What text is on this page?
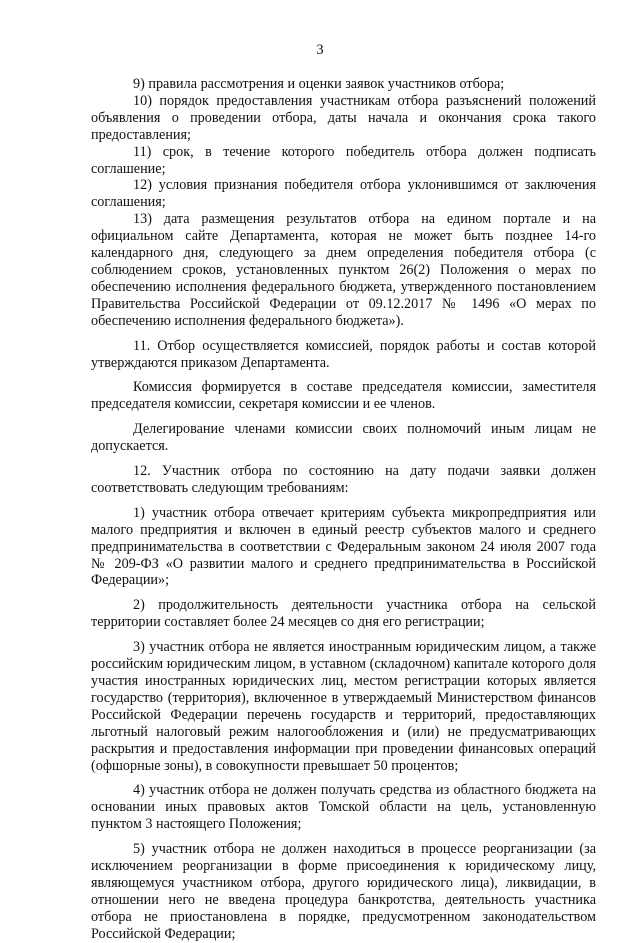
3

9) правила рассмотрения и оценки заявок участников отбора;

10) порядок предоставления участникам отбора разъяснений положений объявления о проведении отбора, даты начала и окончания срока такого предоставления;

11) срок, в течение которого победитель отбора должен подписать соглашение;

12) условия признания победителя отбора уклонившимся от заключения соглашения;

13) дата размещения результатов отбора на едином портале и на официальном сайте Департамента, которая не может быть позднее 14-го календарного дня, следующего за днем определения победителя отбора (с соблюдением сроков, установленных пунктом 26(2) Положения о мерах по обеспечению исполнения федерального бюджета, утвержденного постановлением Правительства Российской Федерации от 09.12.2017 № 1496 «О мерах по обеспечению исполнения федерального бюджета»).

11. Отбор осуществляется комиссией, порядок работы и состав которой утверждаются приказом Департамента.

Комиссия формируется в составе председателя комиссии, заместителя председателя комиссии, секретаря комиссии и ее членов.

Делегирование членами комиссии своих полномочий иным лицам не допускается.

12. Участник отбора по состоянию на дату подачи заявки должен соответствовать следующим требованиям:

1) участник отбора отвечает критериям субъекта микропредприятия или малого предприятия и включен в единый реестр субъектов малого и среднего предпринимательства в соответствии с Федеральным законом 24 июля 2007 года № 209-ФЗ «О развитии малого и среднего предпринимательства в Российской Федерации»;

2) продолжительность деятельности участника отбора на сельской территории составляет более 24 месяцев со дня его регистрации;

3) участник отбора не является иностранным юридическим лицом, а также российским юридическим лицом, в уставном (складочном) капитале которого доля участия иностранных юридических лиц, местом регистрации которых является государство (территория), включенное в утверждаемый Министерством финансов Российской Федерации перечень государств и территорий, предоставляющих льготный налоговый режим налогообложения и (или) не предусматривающих раскрытия и предоставления информации при проведении финансовых операций (офшорные зоны), в совокупности превышает 50 процентов;

4) участник отбора не должен получать средства из областного бюджета на основании иных правовых актов Томской области на цель, установленную пунктом 3 настоящего Положения;

5) участник отбора не должен находиться в процессе реорганизации (за исключением реорганизации в форме присоединения к юридическому лицу, являющемуся участником отбора, другого юридического лица), ликвидации, в отношении него не введена процедура банкротства, деятельность участника отбора не приостановлена в порядке, предусмотренном законодательством Российской Федерации;
